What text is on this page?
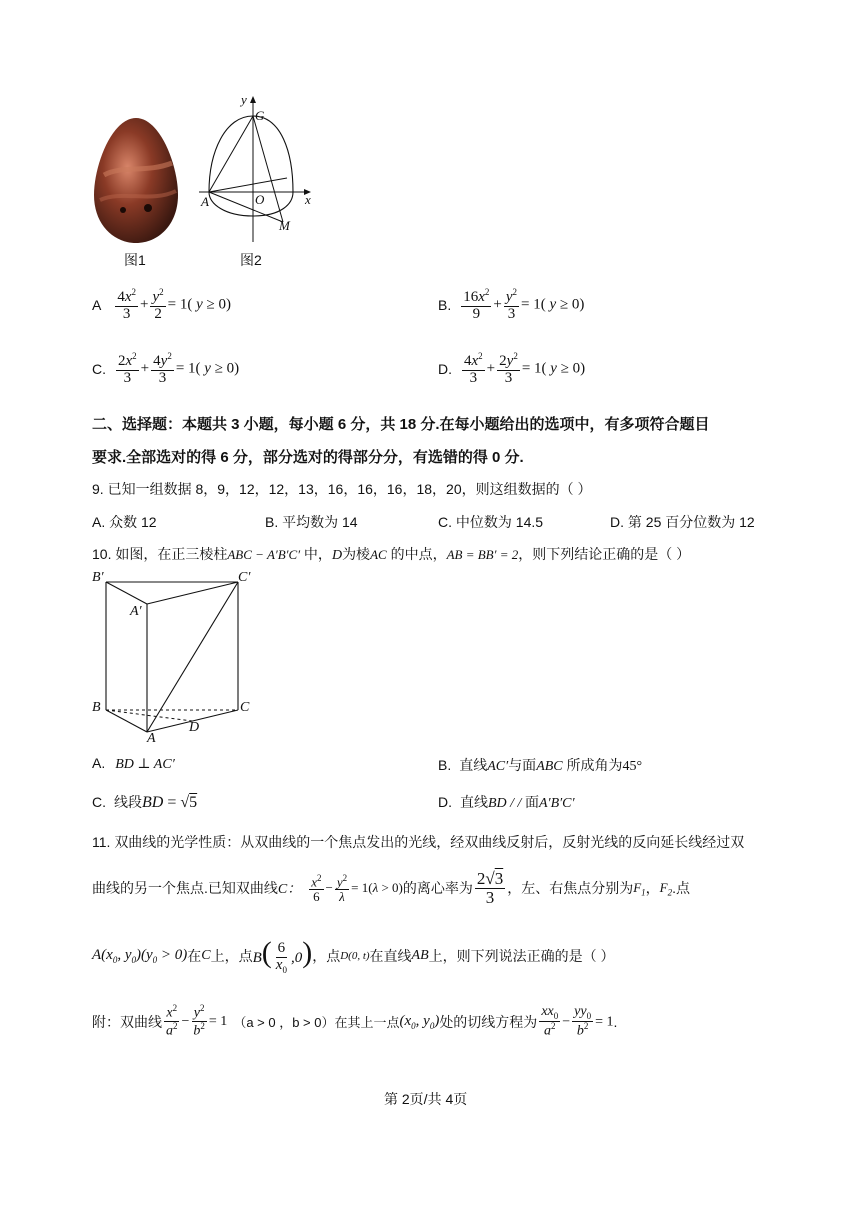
图1
y
G
x
A	O
M
图2
A $\frac{4x^2}{3} + \frac{y^2}{2} = 1$( y ≥ 0)	B. $\frac{16x^2}{9} + \frac{y^2}{3} = 1$( y ≥ 0)
C. $\frac{2x^2}{3} + \frac{4y^2}{3} = 1$( y ≥ 0)	D. $\frac{4x^2}{3} + \frac{2y^2}{3} = 1$( y ≥ 0)
二、选择题：本题共 3 小题，每小题 6 分，共 18 分.在每小题给出的选项中，有多项符合题目
要求.全部选对的得 6 分，部分选对的得部分分，有选错的得 0 分.
9. 已知一组数据 8，9，12，12，13，16，16，16，18，20，则这组数据的（ ）
A. 众数 12	B. 平均数为 14	C. 中位数为 14.5	D. 第 25 百分位数为 12
10. 如图，在正三棱柱ABC − A′B′C′ 中，D为棱AC 的中点，AB = BB′ = 2，则下列结论正确的是（ ）
B′	C′
A′
B	C
A
D
A. BD ⊥ AC′	B. 直线AC′与面ABC 所成角为45°
C. 线段BD = √5	D. 直线BD / / 面A′B′C′
11. 双曲线的光学性质：从双曲线的一个焦点发出的光线，经双曲线反射后，反射光线的反向延长线经过双
曲线的另一个焦点.已知双曲线 C： $\frac{x^2}{6} - \frac{y^2}{\lambda} = 1(\lambda > 0)$ 的离心率为 $\frac{2√3}{3}$ ，左、右焦点分别为 $F_1$ ， $F_2$ .点
$A(x_0$, $y_0)(y_0 > 0)$ 在 C 上，点 $B( \frac{6}{x_0} ,0)$ ，点 D(0, t) 在直线 AB 上，则下列说法正确的是（ ）
附：双曲线 $\frac{x^2}{a^2} - \frac{y^2}{b^2} = 1$ （a > 0 ，b > 0）在其上一点 ($x_0$, $y_0$) 处的切线方程为 $\frac{xx_0}{a^2} - \frac{yy_0}{b^2} = 1$ .
第 2页/共 4页
